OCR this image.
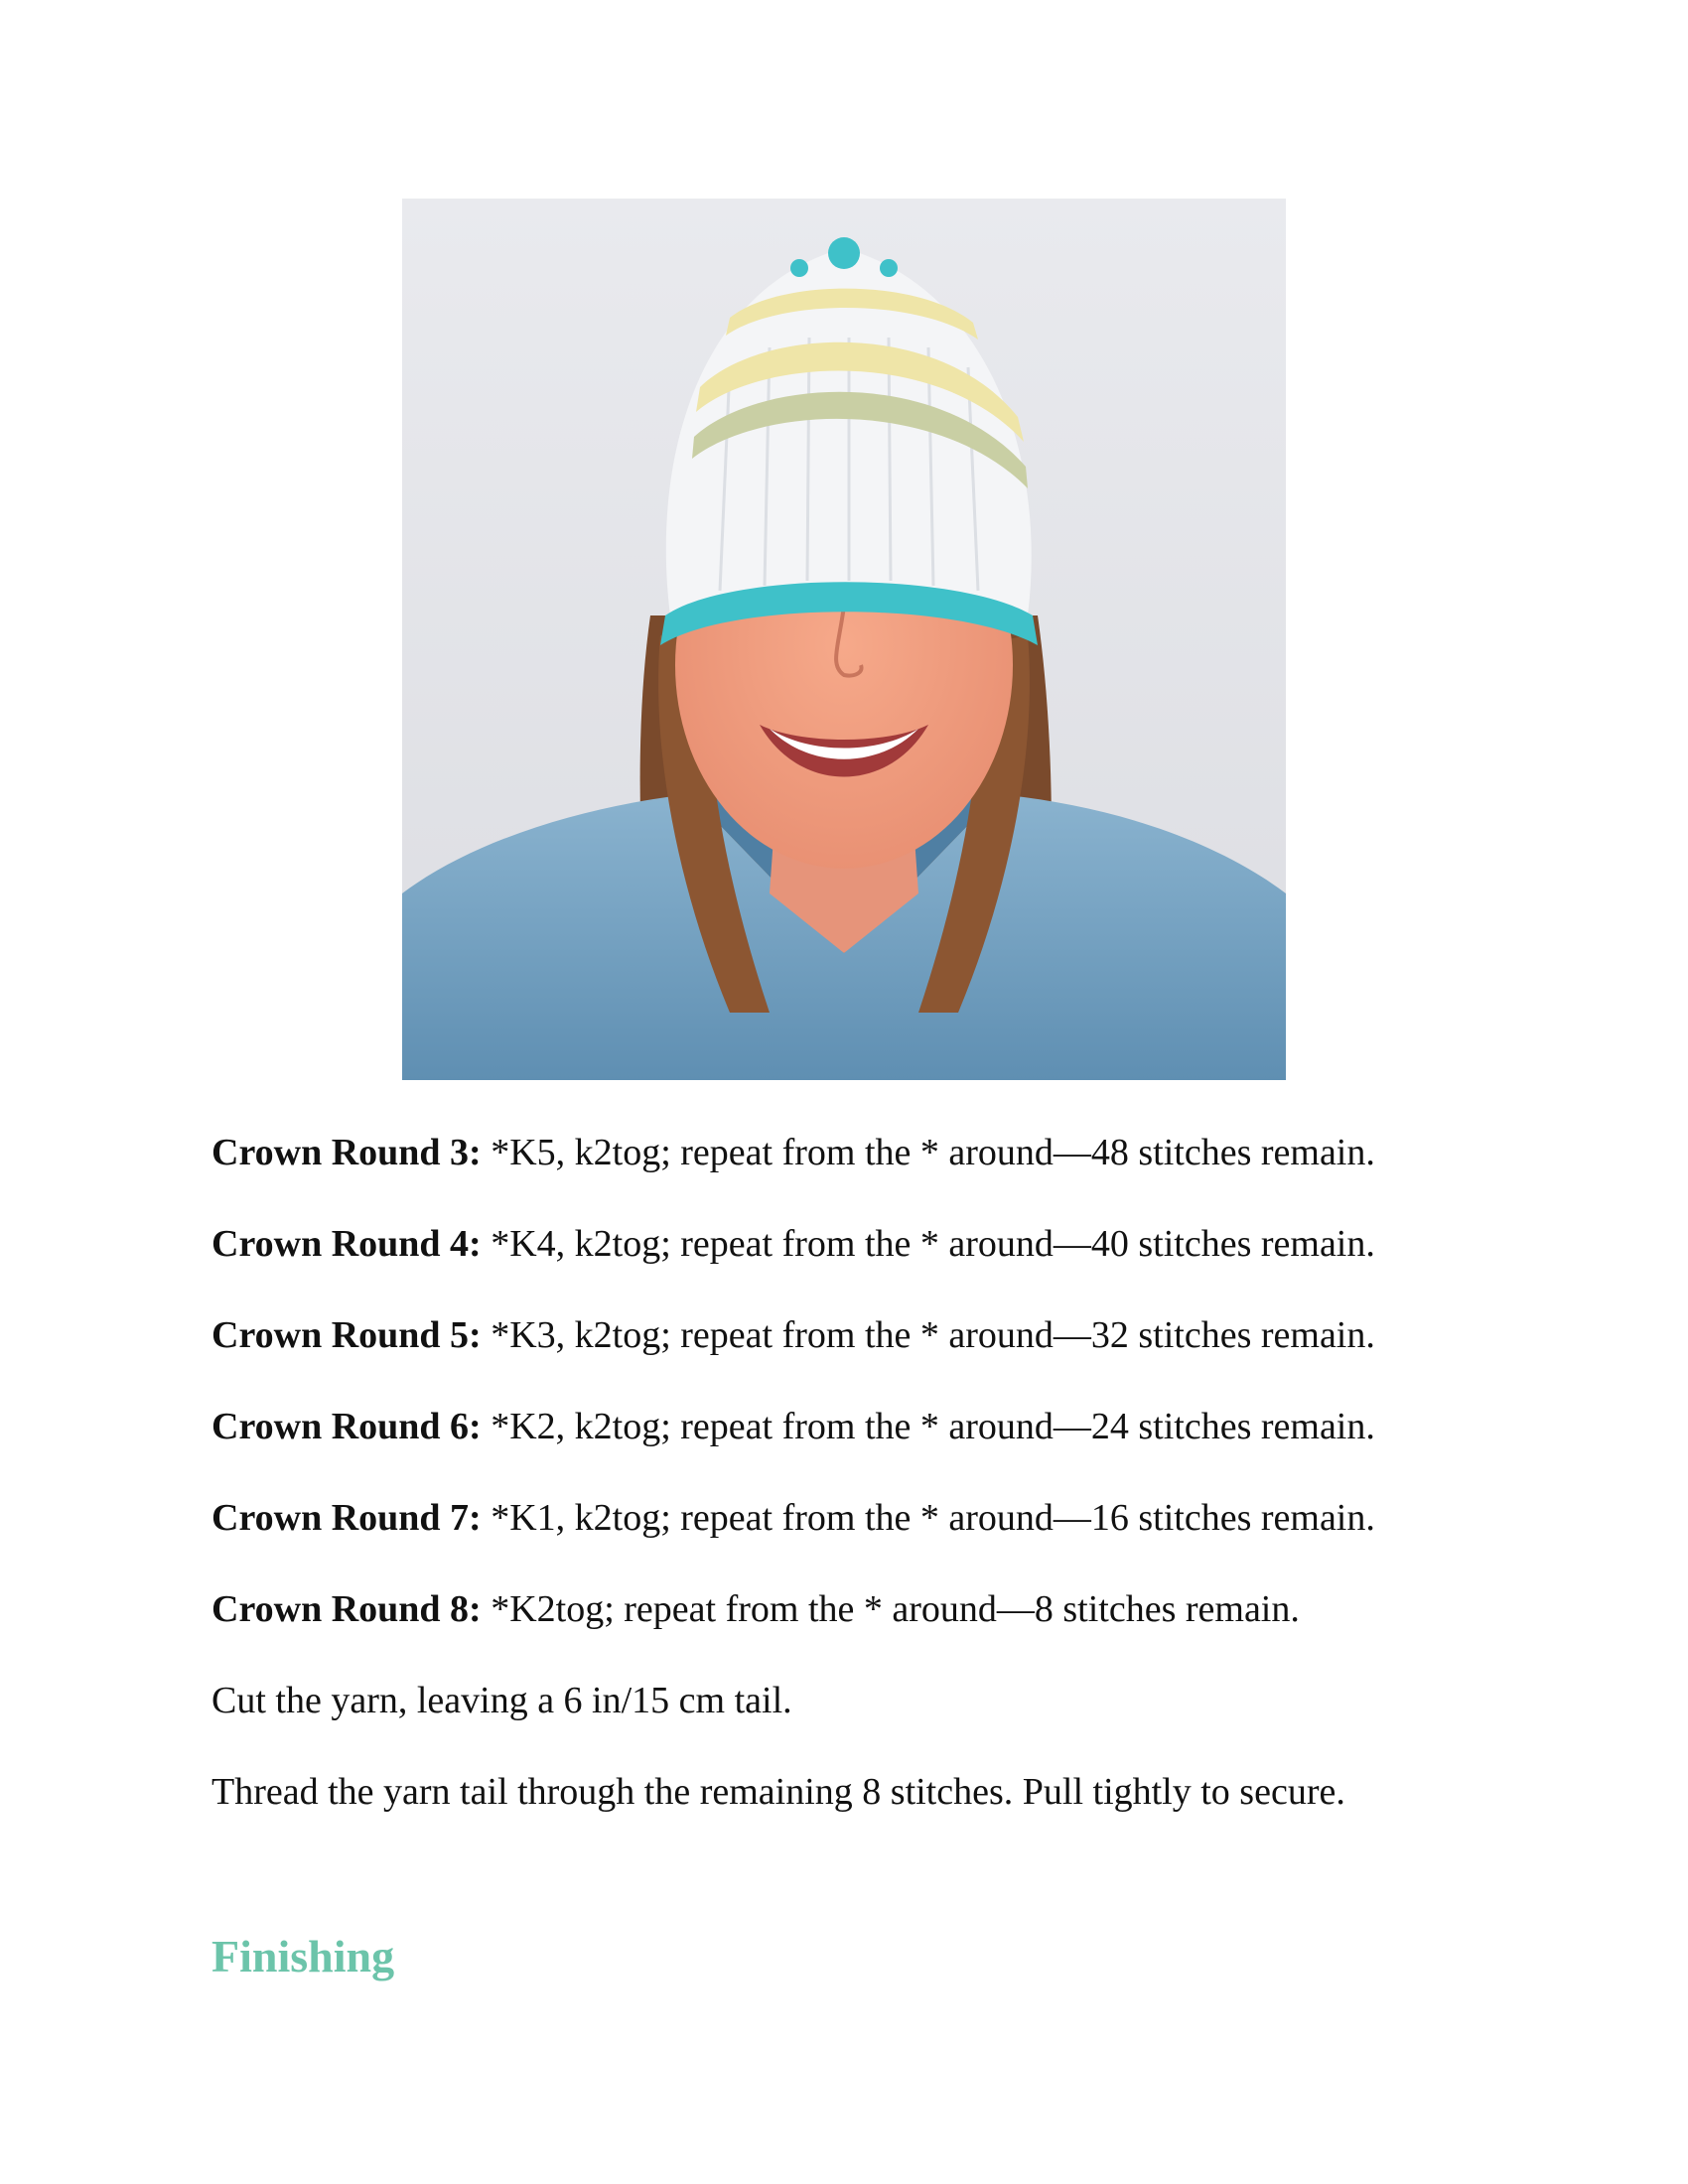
Crown Round 3: *K5, k2tog; repeat from the * around—48 stitches remain.

Crown Round 4: *K4, k2tog; repeat from the * around—40 stitches remain.

Crown Round 5: *K3, k2tog; repeat from the * around—32 stitches remain.

Crown Round 6: *K2, k2tog; repeat from the * around—24 stitches remain.

Crown Round 7: *K1, k2tog; repeat from the * around—16 stitches remain.

Crown Round 8: *K2tog; repeat from the * around—8 stitches remain.

Cut the yarn, leaving a 6 in/15 cm tail.

Thread the yarn tail through the remaining 8 stitches. Pull tightly to secure.

Finishing
